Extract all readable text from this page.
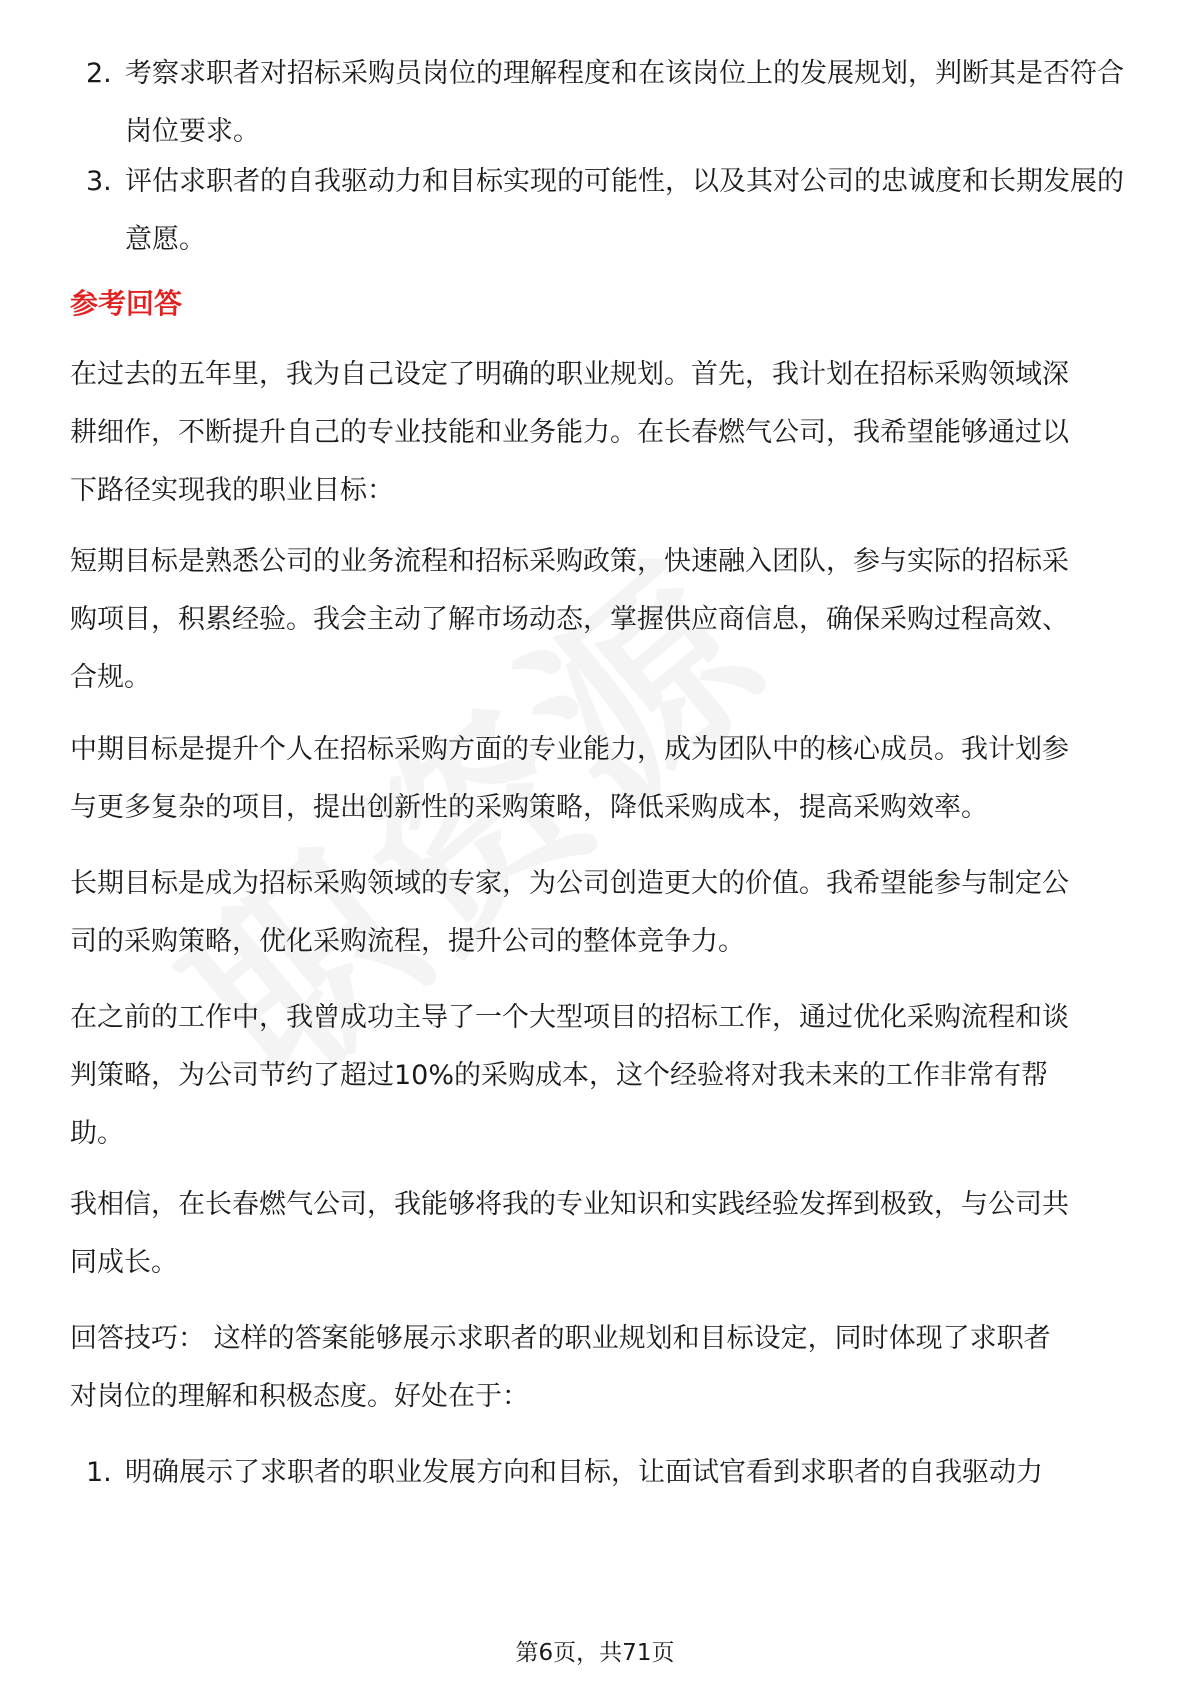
2. 考察求职者对招标采购员岗位的理解程度和在该岗位上的发展规划，判断其是否符合岗位要求。
3. 评估求职者的自我驱动力和目标实现的可能性，以及其对公司的忠诚度和长期发展的意愿。
参考回答

在过去的五年里，我为自己设定了明确的职业规划。首先，我计划在招标采购领域深耕细作，不断提升自己的专业技能和业务能力。在长春燃气公司，我希望能够通过以下路径实现我的职业目标：

短期目标是熟悉公司的业务流程和招标采购政策，快速融入团队，参与实际的招标采购项目，积累经验。我会主动了解市场动态，掌握供应商信息，确保采购过程高效、合规。

中期目标是提升个人在招标采购方面的专业能力，成为团队中的核心成员。我计划参与更多复杂的项目，提出创新性的采购策略，降低采购成本，提高采购效率。

长期目标是成为招标采购领域的专家，为公司创造更大的价值。我希望能参与制定公司的采购策略，优化采购流程，提升公司的整体竞争力。

在之前的工作中，我曾成功主导了一个大型项目的招标工作，通过优化采购流程和谈判策略，为公司节约了超过10%的采购成本，这个经验将对我未来的工作非常有帮助。

我相信，在长春燃气公司，我能够将我的专业知识和实践经验发挥到极致，与公司共同成长。

回答技巧： 这样的答案能够展示求职者的职业规划和目标设定，同时体现了求职者对岗位的理解和积极态度。好处在于：

1. 明确展示了求职者的职业发展方向和目标，让面试官看到求职者的自我驱动力
第6页，共71页
